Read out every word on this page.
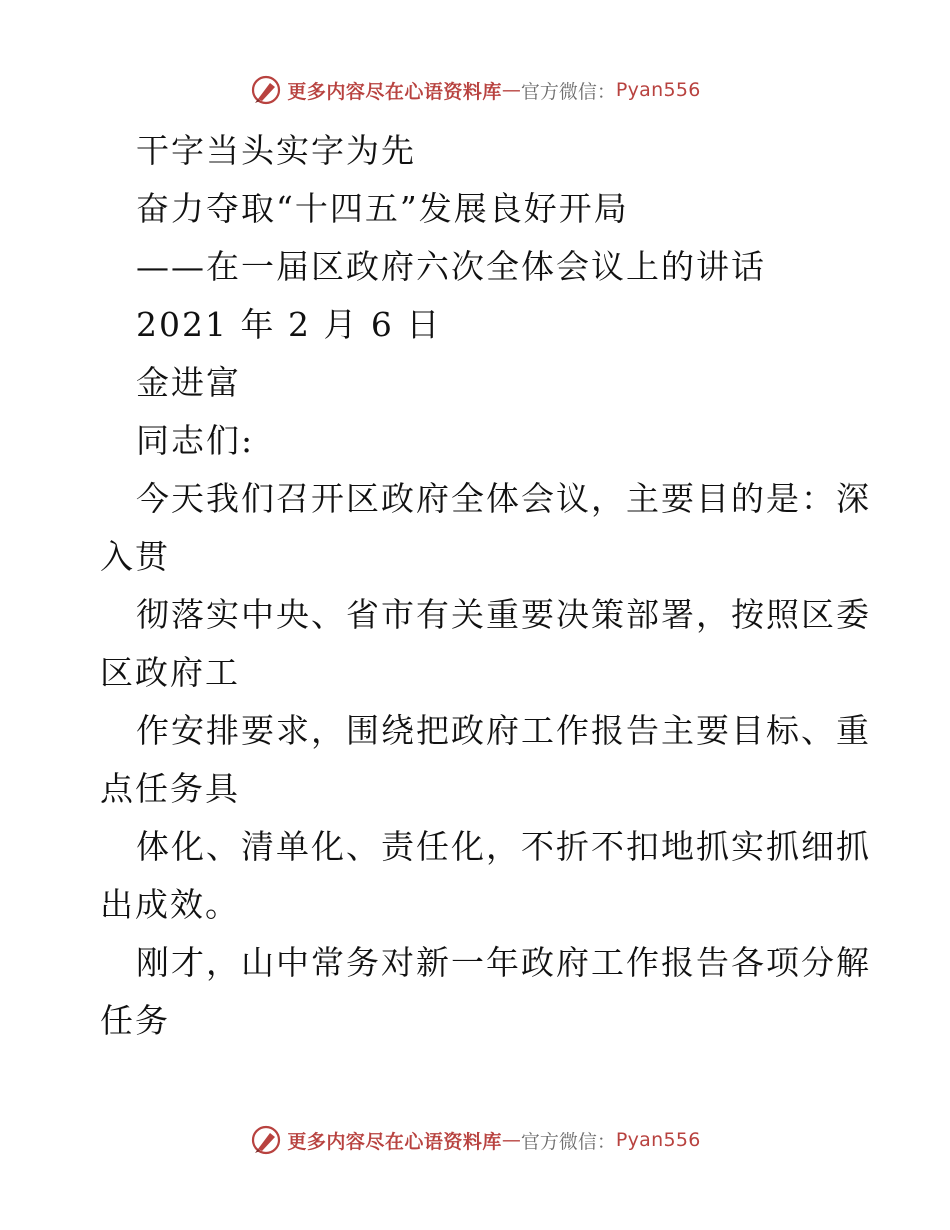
更多内容尽在心语资料库 — 官方微信： Pyan556
干字当头实字为先
奋力夺取“十四五”发展良好开局
——在一届区政府六次全体会议上的讲话
2021 年 2 月 6 日
金进富
同志们:
今天我们召开区政府全体会议，主要目的是：深
入贯
彻落实中央、省市有关重要决策部署，按照区委
区政府工
作安排要求，围绕把政府工作报告主要目标、重
点任务具
体化、清单化、责任化，不折不扣地抓实抓细抓
出成效。
刚才，山中常务对新一年政府工作报告各项分解
任务
更多内容尽在心语资料库 — 官方微信： Pyan556
